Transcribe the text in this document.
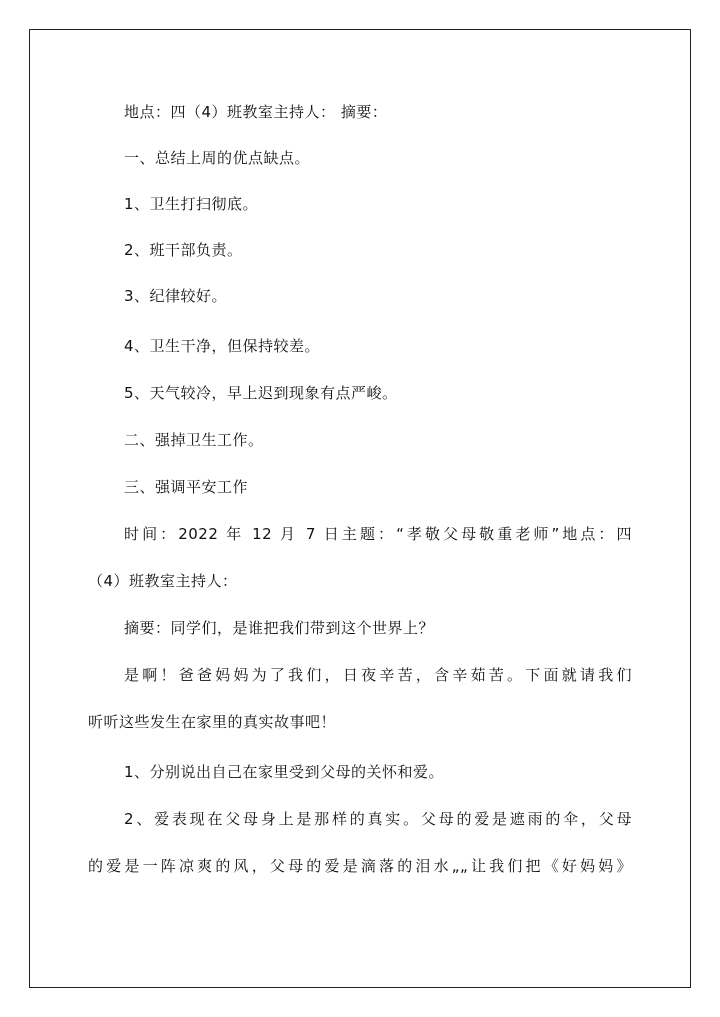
地点：四（4）班教室主持人： 摘要：
一、总结上周的优点缺点。
1、卫生打扫彻底。
2、班干部负责。
3、纪律较好。
4、卫生干净，但保持较差。
5、天气较冷，早上迟到现象有点严峻。
二、强掉卫生工作。
三、强调平安工作
时间：2022 年 12 月 7 日主题：“孝敬父母敬重老师”地点：四
（4）班教室主持人：
摘要：同学们，是谁把我们带到这个世界上？
是啊！爸爸妈妈为了我们，日夜辛苦，含辛茹苦。下面就请我们
听听这些发生在家里的真实故事吧！
1、分别说出自己在家里受到父母的关怀和爱。
2、爱表现在父母身上是那样的真实。父母的爱是遮雨的伞，父母
的爱是一阵凉爽的风，父母的爱是滴落的泪水„„让我们把《好妈妈》
